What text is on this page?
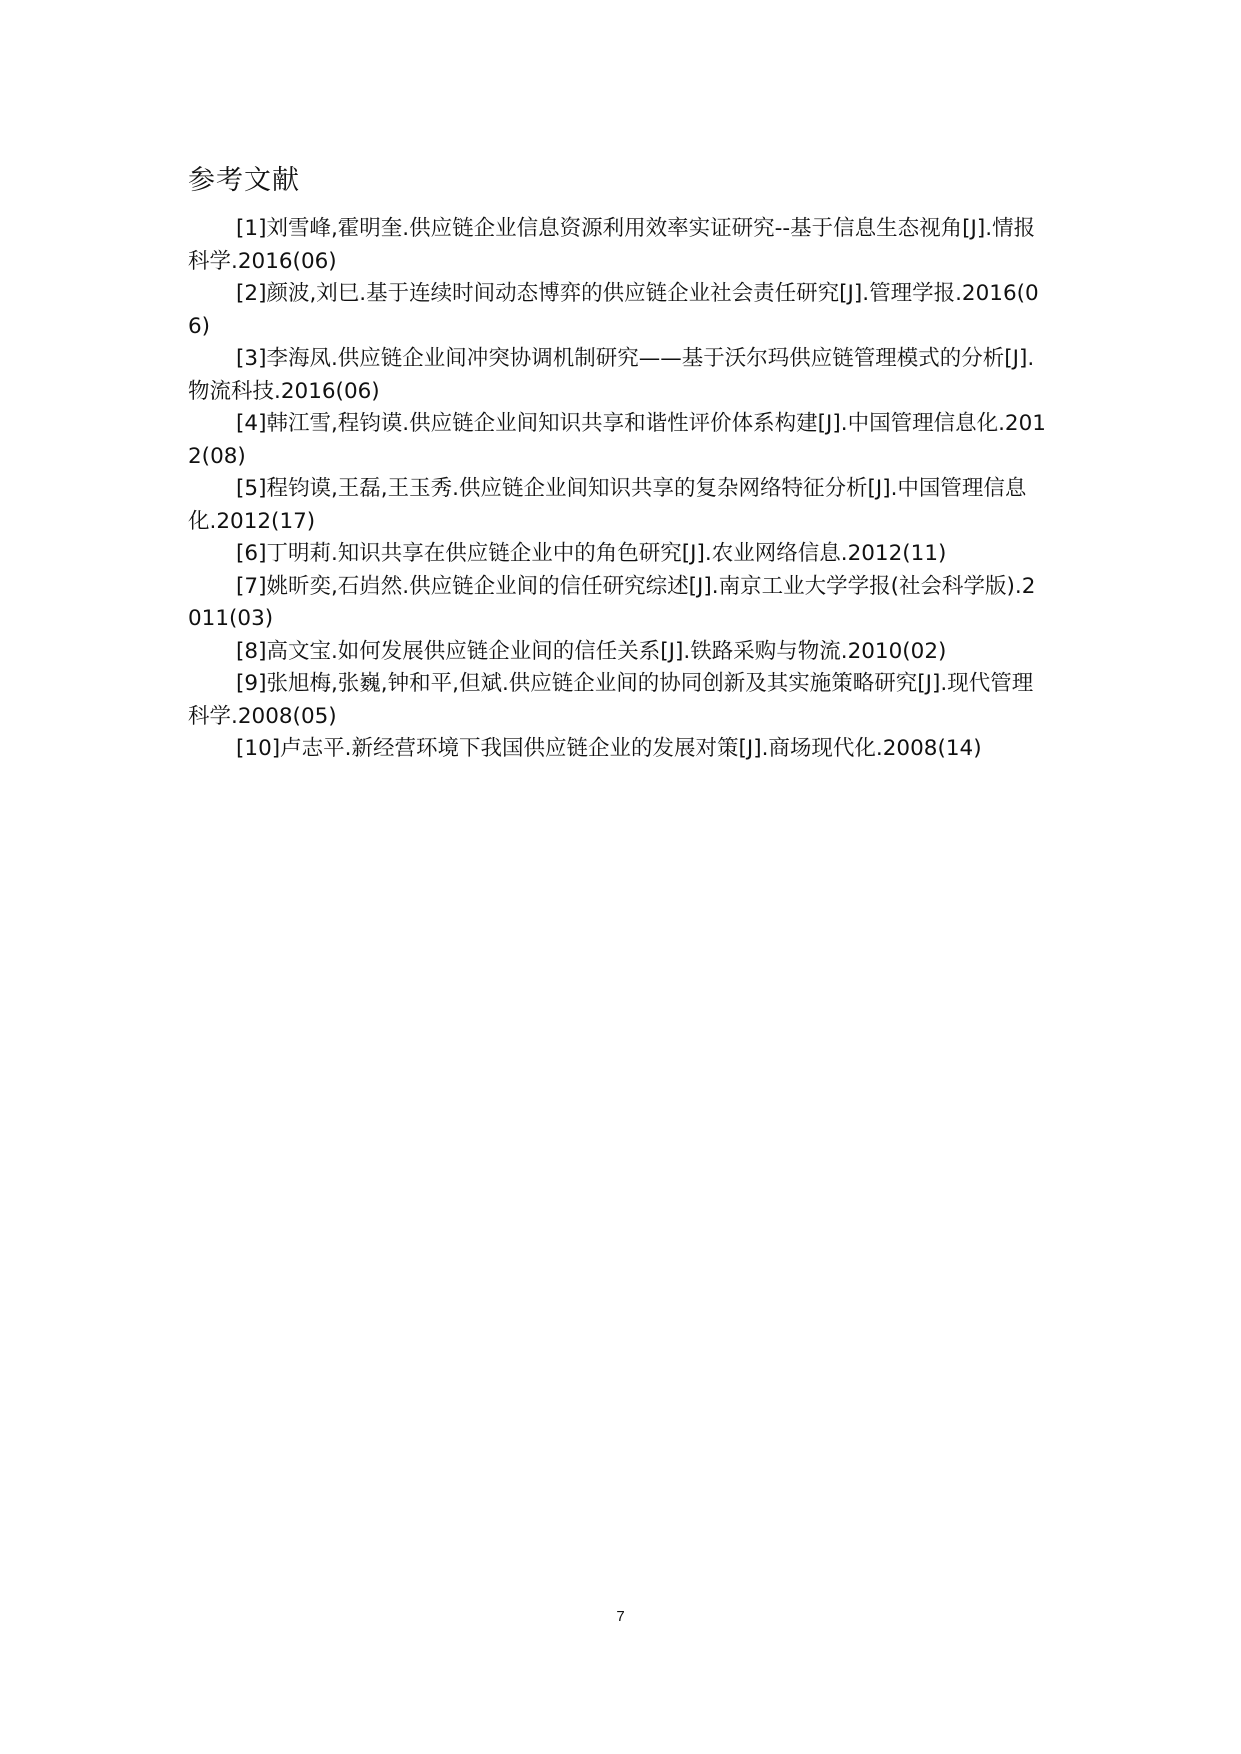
参考文献
[1]刘雪峰,霍明奎.供应链企业信息资源利用效率实证研究--基于信息生态视角[J].情报科学.2016(06)
[2]颜波,刘巳.基于连续时间动态博弈的供应链企业社会责任研究[J].管理学报.2016(06)
[3]李海凤.供应链企业间冲突协调机制研究——基于沃尔玛供应链管理模式的分析[J].物流科技.2016(06)
[4]韩江雪,程钧谟.供应链企业间知识共享和谐性评价体系构建[J].中国管理信息化.2012(08)
[5]程钧谟,王磊,王玉秀.供应链企业间知识共享的复杂网络特征分析[J].中国管理信息化.2012(17)
[6]丁明莉.知识共享在供应链企业中的角色研究[J].农业网络信息.2012(11)
[7]姚昕奕,石岿然.供应链企业间的信任研究综述[J].南京工业大学学报(社会科学版).2011(03)
[8]高文宝.如何发展供应链企业间的信任关系[J].铁路采购与物流.2010(02)
[9]张旭梅,张巍,钟和平,但斌.供应链企业间的协同创新及其实施策略研究[J].现代管理科学.2008(05)
[10]卢志平.新经营环境下我国供应链企业的发展对策[J].商场现代化.2008(14)
7
